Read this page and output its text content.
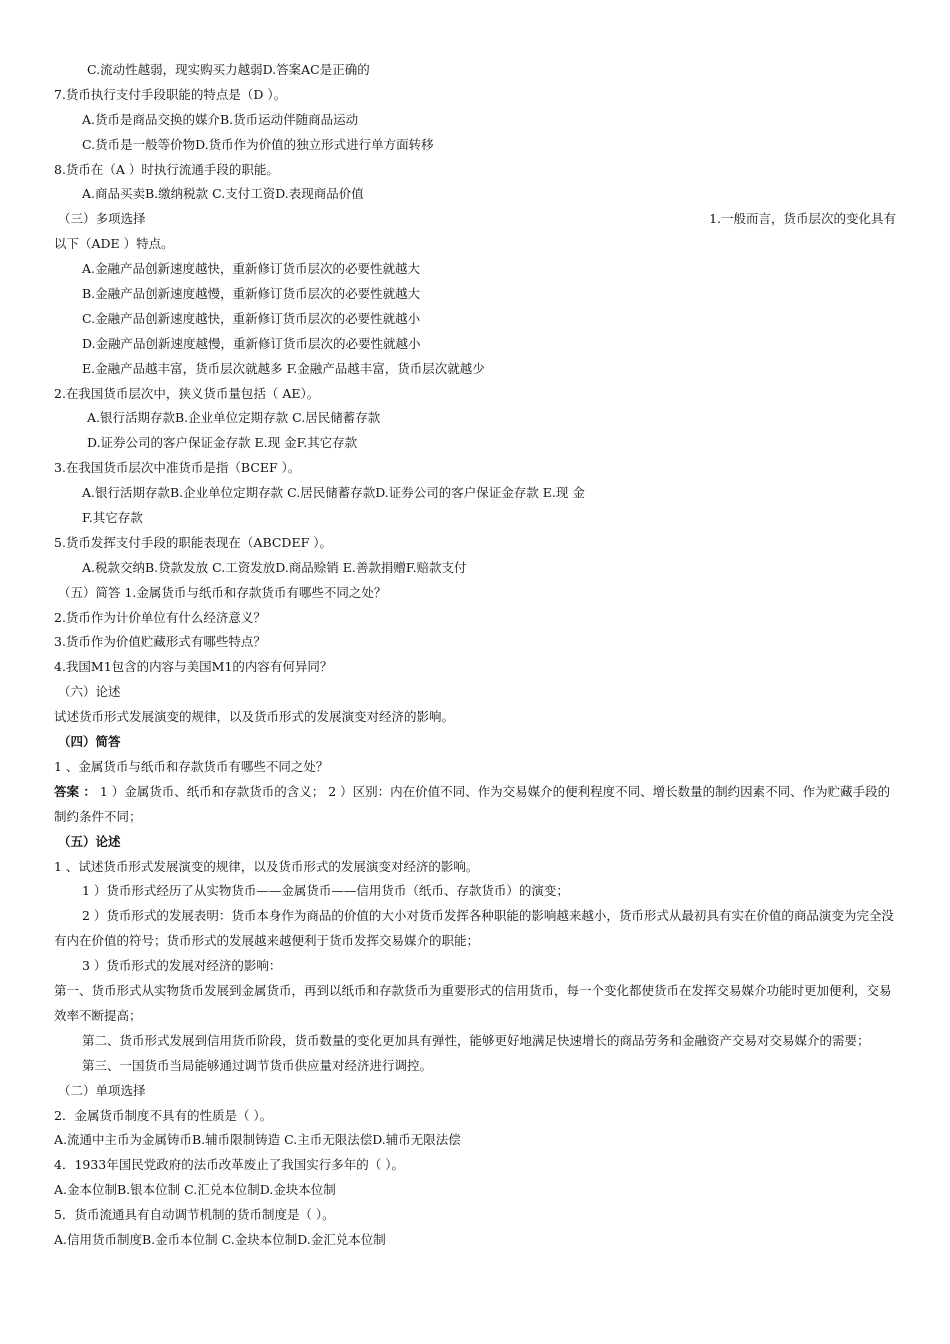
C.流动性越弱，现实购买力越弱D.答案AC是正确的
7.货币执行支付手段职能的特点是（D ）。
A.货币是商品交换的媒介B.货币运动伴随商品运动
C.货币是一般等价物D.货币作为价值的独立形式进行单方面转移
8.货币在（A ）时执行流通手段的职能。
A.商品买卖B.缴纳税款 C.支付工资D.表现商品价值
（三）多项选择	1.一般而言，货币层次的变化具有
以下（ADE ）特点。
A.金融产品创新速度越快，重新修订货币层次的必要性就越大
B.金融产品创新速度越慢，重新修订货币层次的必要性就越大
C.金融产品创新速度越快，重新修订货币层次的必要性就越小
D.金融产品创新速度越慢，重新修订货币层次的必要性就越小
E.金融产品越丰富，货币层次就越多 F.金融产品越丰富，货币层次就越少
2.在我国货币层次中，狭义货币量包括（ AE）。
A.银行活期存款B.企业单位定期存款 C.居民储蓄存款
D.证券公司的客户保证金存款 E.现 金F.其它存款
3.在我国货币层次中准货币是指（BCEF ）。
A.银行活期存款B.企业单位定期存款 C.居民储蓄存款D.证券公司的客户保证金存款 E.现 金
F.其它存款
5.货币发挥支付手段的职能表现在（ABCDEF ）。
A.税款交纳B.贷款发放 C.工资发放D.商品赊销 E.善款捐赠F.赔款支付
（五）简答 1.金属货币与纸币和存款货币有哪些不同之处？
2.货币作为计价单位有什么经济意义？
3.货币作为价值贮藏形式有哪些特点？
4.我国M1包含的内容与美国M1的内容有何异同？
（六）论述
试述货币形式发展演变的规律，以及货币形式的发展演变对经济的影响。
（四）简答
1 、金属货币与纸币和存款货币有哪些不同之处？
答案 ： 1 ）金属货币、纸币和存款货币的含义； 2 ）区别：内在价值不同、作为交易媒介的便利程度不同、增长数量的制约因素不同、作为贮藏手段的制约条件不同；
（五）论述
1 、试述货币形式发展演变的规律，以及货币形式的发展演变对经济的影响。
1 ）货币形式经历了从实物货币——金属货币——信用货币（纸币、存款货币）的演变；
2 ）货币形式的发展表明：货币本身作为商品的价值的大小对货币发挥各种职能的影响越来越小，货币形式从最初具有实在价值的商品演变为完全没有内在价值的符号；货币形式的发展越来越便利于货币发挥交易媒介的职能；
3 ）货币形式的发展对经济的影响：
第一、货币形式从实物货币发展到金属货币，再到以纸币和存款货币为重要形式的信用货币，每一个变化都使货币在发挥交易媒介功能时更加便利，交易效率不断提高；
第二、货币形式发展到信用货币阶段，货币数量的变化更加具有弹性，能够更好地满足快速增长的商品劳务和金融资产交易对交易媒介的需要；
第三、一国货币当局能够通过调节货币供应量对经济进行调控。
（二）单项选择
2．金属货币制度不具有的性质是（ ）。
A.流通中主币为金属铸币B.辅币限制铸造 C.主币无限法偿D.辅币无限法偿
4．1933年国民党政府的法币改革废止了我国实行多年的（ ）。
A.金本位制B.银本位制 C.汇兑本位制D.金块本位制
5．货币流通具有自动调节机制的货币制度是（ ）。
A.信用货币制度B.金币本位制 C.金块本位制D.金汇兑本位制
